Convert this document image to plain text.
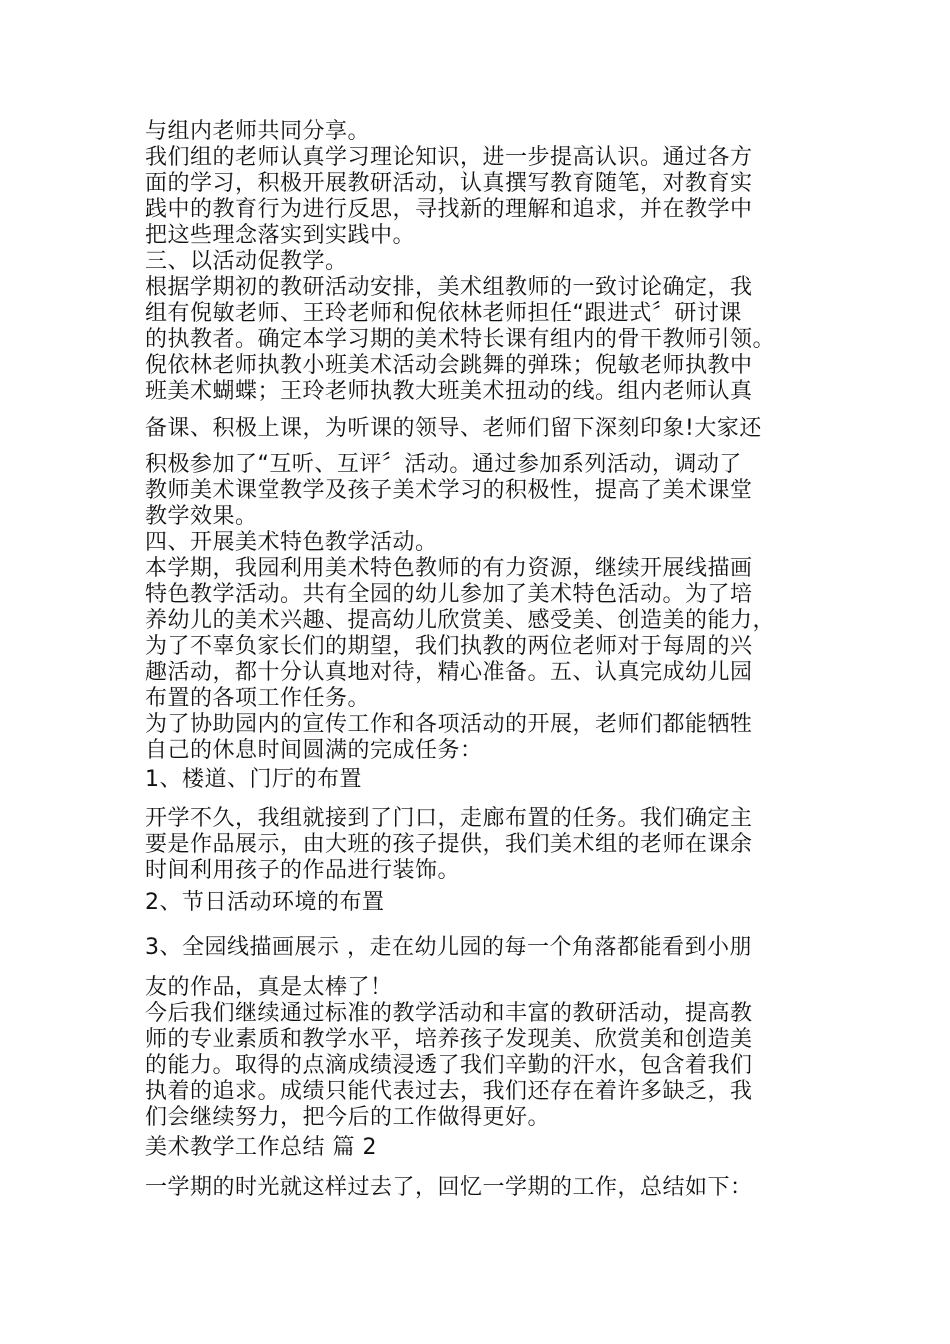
与组内老师共同分享。
我们组的老师认真学习理论知识，进一步提高认识。通过各方
面的学习，积极开展教研活动，认真撰写教育随笔，对教育实
践中的教育行为进行反思，寻找新的理解和追求，并在教学中
把这些理念落实到实践中。
三、以活动促教学。
根据学期初的教研活动安排，美术组教师的一致讨论确定，我
组有倪敏老师、王玲老师和倪依林老师担任“跟进式〞研讨课
的执教者。确定本学习期的美术特长课有组内的骨干教师引领。
倪依林老师执教小班美术活动会跳舞的弹珠；倪敏老师执教中
班美术蝴蝶；王玲老师执教大班美术扭动的线。组内老师认真
备课、积极上课，为听课的领导、老师们留下深刻印象!大家还
积极参加了“互听、互评〞活动。通过参加系列活动，调动了
教师美术课堂教学及孩子美术学习的积极性，提高了美术课堂
教学效果。
四、开展美术特色教学活动。
本学期，我园利用美术特色教师的有力资源，继续开展线描画
特色教学活动。共有全园的幼儿参加了美术特色活动。为了培
养幼儿的美术兴趣、提高幼儿欣赏美、感受美、创造美的能力，
为了不辜负家长们的期望，我们执教的两位老师对于每周的兴
趣活动，都十分认真地对待，精心准备。五、认真完成幼儿园
布置的各项工作任务。
为了协助园内的宣传工作和各项活动的开展，老师们都能牺牲
自己的休息时间圆满的完成任务：
1、楼道、门厅的布置
开学不久，我组就接到了门口，走廊布置的任务。我们确定主
要是作品展示，由大班的孩子提供，我们美术组的老师在课余
时间利用孩子的作品进行装饰。
2、节日活动环境的布置
3、全园线描画展示 ，走在幼儿园的每一个角落都能看到小朋
友的作品，真是太棒了！
今后我们继续通过标准的教学活动和丰富的教研活动，提高教
师的专业素质和教学水平，培养孩子发现美、欣赏美和创造美
的能力。取得的点滴成绩浸透了我们辛勤的汗水，包含着我们
执着的追求。成绩只能代表过去，我们还存在着许多缺乏，我
们会继续努力，把今后的工作做得更好。
美术教学工作总结 篇 2
一学期的时光就这样过去了，回忆一学期的工作，总结如下：
